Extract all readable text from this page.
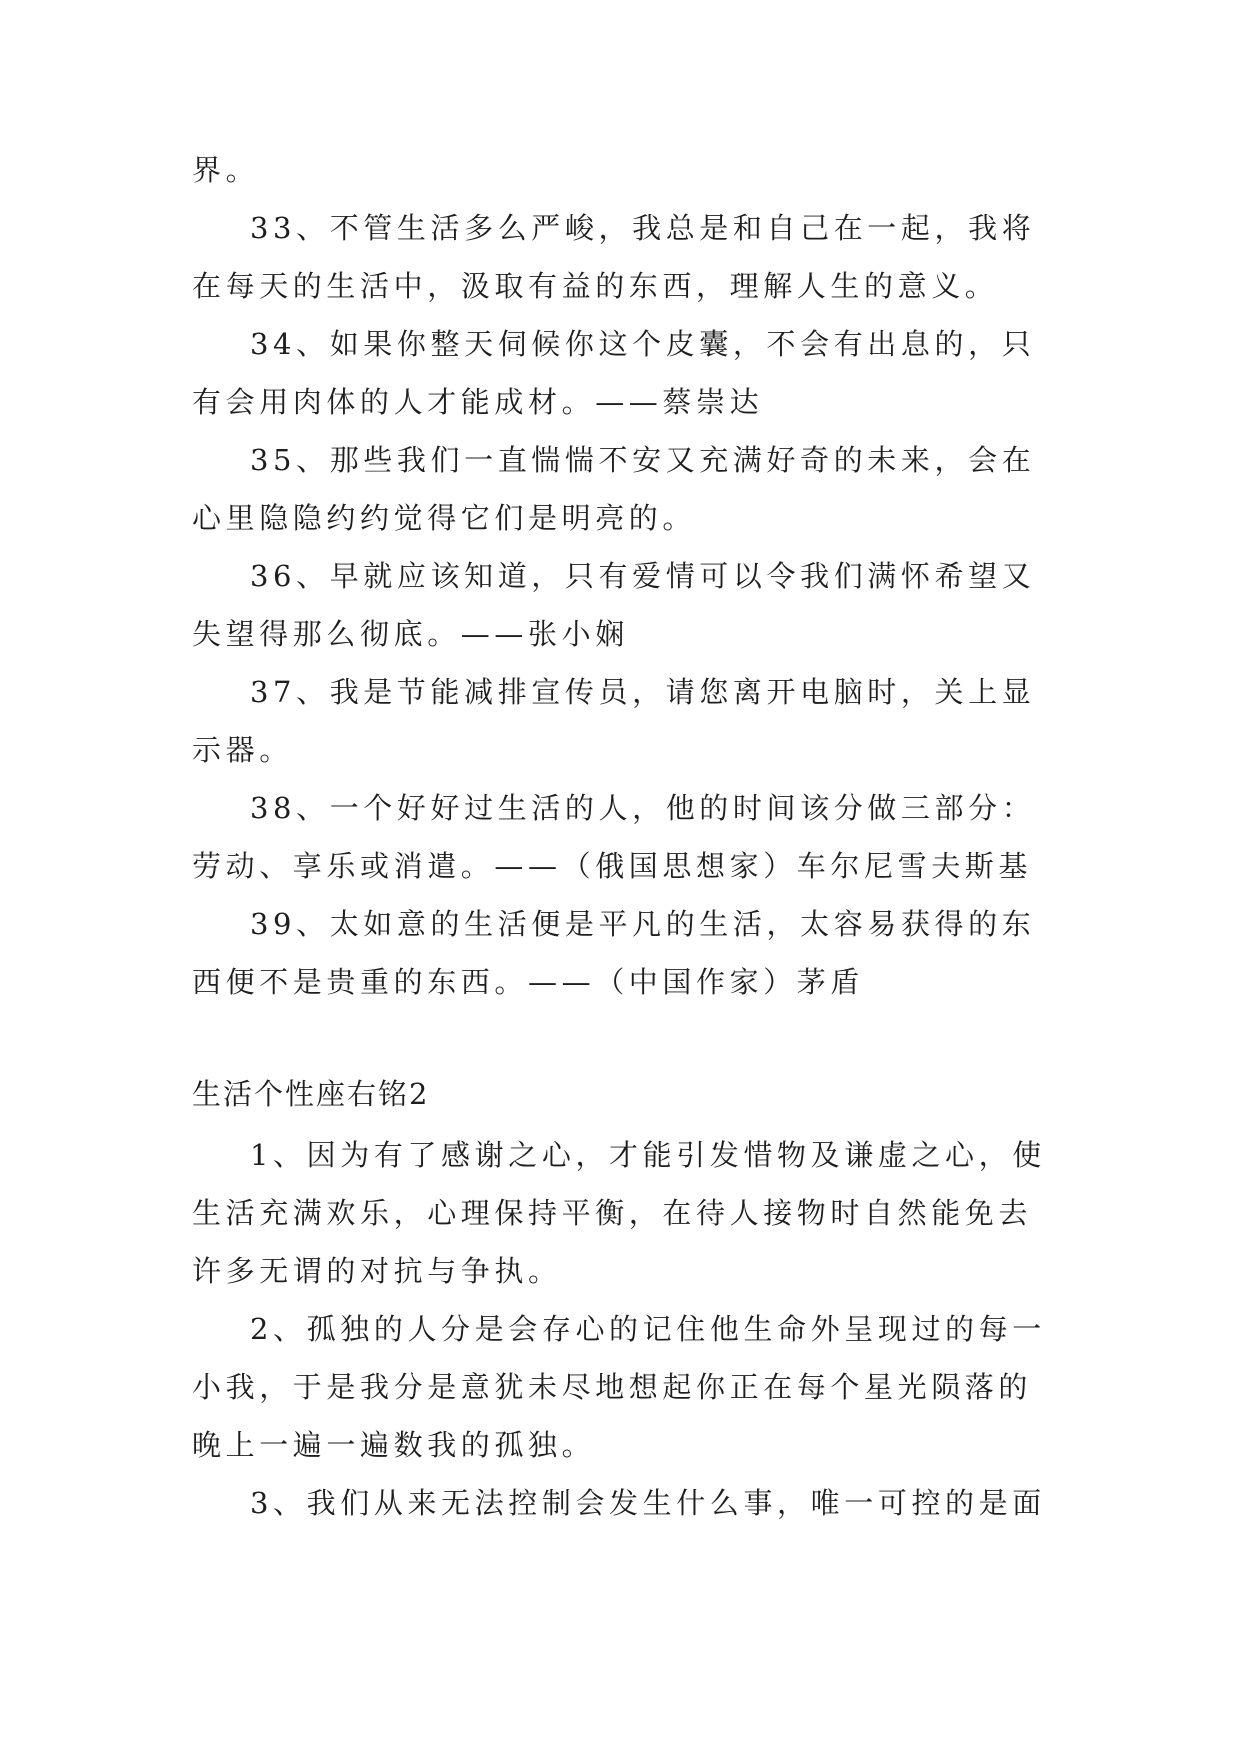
界。
33、不管生活多么严峻，我总是和自己在一起，我将在每天的生活中，汲取有益的东西，理解人生的意义。
34、如果你整天伺候你这个皮囊，不会有出息的，只有会用肉体的人才能成材。——蔡崇达
35、那些我们一直惴惴不安又充满好奇的未来，会在心里隐隐约约觉得它们是明亮的。
36、早就应该知道，只有爱情可以令我们满怀希望又失望得那么彻底。——张小娴
37、我是节能减排宣传员，请您离开电脑时，关上显示器。
38、一个好好过生活的人，他的时间该分做三部分：劳动、享乐或消遣。——（俄国思想家）车尔尼雪夫斯基
39、太如意的生活便是平凡的生活，太容易获得的东西便不是贵重的东西。——（中国作家）茅盾
生活个性座右铭2
1、因为有了感谢之心，才能引发惜物及谦虚之心，使生活充满欢乐，心理保持平衡，在待人接物时自然能免去许多无谓的对抗与争执。
2、孤独的人分是会存心的记住他生命外呈现过的每一小我，于是我分是意犹未尽地想起你正在每个星光陨落的晚上一遍一遍数我的孤独。
3、我们从来无法控制会发生什么事，唯一可控的是面
